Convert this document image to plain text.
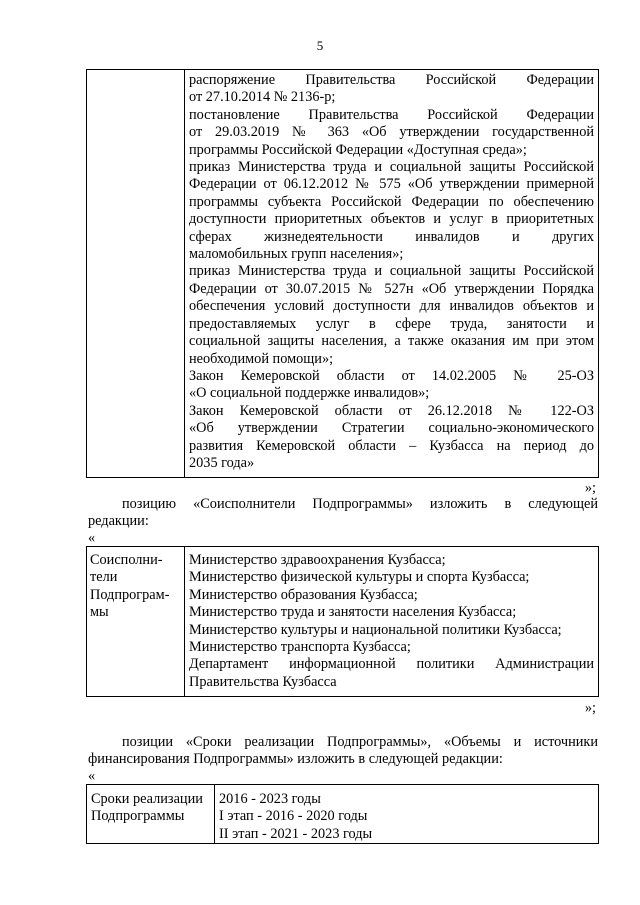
5

распоряжение Правительства Российской Федерации

от 27.10.2014 № 2136-р;

постановление Правительства Российской Федерации

от 29.03.2019 № 363 «Об утверждении государственной

программы Российской Федерации «Доступная среда»;

приказ Министерства труда и социальной защиты Российской

Федерации от 06.12.2012 № 575 «Об утверждении примерной

программы субъекта Российской Федерации по обеспечению

доступности приоритетных объектов и услуг в приоритетных

сферах жизнедеятельности инвалидов и других

маломобильных групп населения»;

приказ Министерства труда и социальной защиты Российской

Федерации от 30.07.2015 № 527н «Об утверждении Порядка

обеспечения условий доступности для инвалидов объектов и

предоставляемых услуг в сфере труда, занятости и

социальной защиты населения, а также оказания им при этом

необходимой помощи»;

Закон Кемеровской области от 14.02.2005 № 25-ОЗ

«О социальной поддержке инвалидов»;

Закон Кемеровской области от 26.12.2018 № 122-ОЗ

«Об утверждении Стратегии социально-экономического

развития Кемеровской области – Кузбасса на период до

2035 года»

»;

позицию «Соисполнители Подпрограммы» изложить в следующей

редакции:

«

Соисполни-

тели

Подпрограм-

мы

Министерство здравоохранения Кузбасса;

Министерство физической культуры и спорта Кузбасса;

Министерство образования Кузбасса;

Министерство труда и занятости населения Кузбасса;

Министерство культуры и национальной политики Кузбасса;

Министерство транспорта Кузбасса;

Департамент информационной политики Администрации

Правительства Кузбасса

»;

позиции «Сроки реализации Подпрограммы», «Объемы и источники

финансирования Подпрограммы» изложить в следующей редакции:

«

Сроки реализации

Подпрограммы

2016 - 2023 годы

I этап - 2016 - 2020 годы

II этап - 2021 - 2023 годы
